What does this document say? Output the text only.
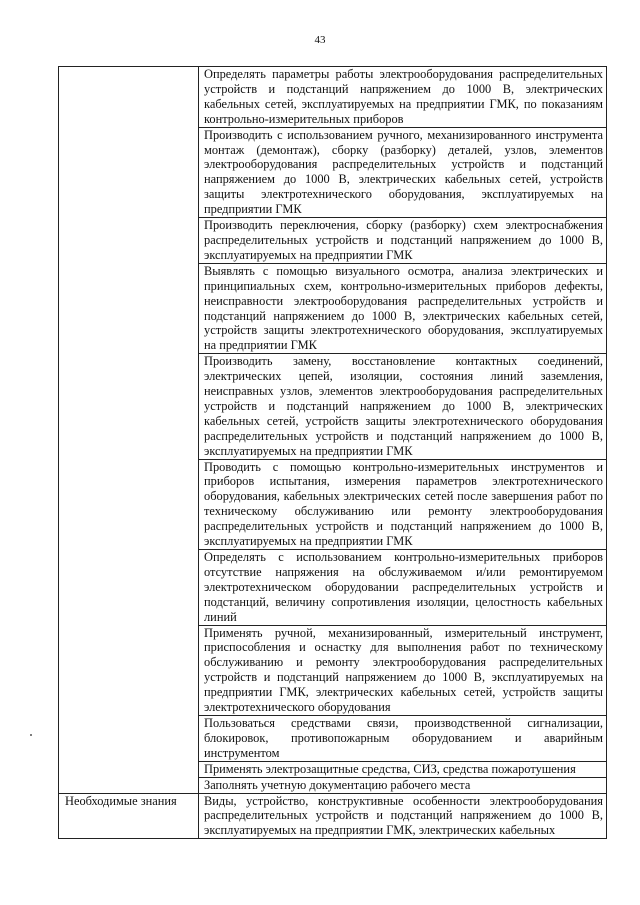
43

	Определять параметры работы электрооборудования распределительных устройств и подстанций напряжением до 1000 В, электрических кабельных сетей, эксплуатируемых на предприятии ГМК, по показаниям контрольно-измерительных приборов

	Производить с использованием ручного, механизированного инструмента монтаж (демонтаж), сборку (разборку) деталей, узлов, элементов электрооборудования распределительных устройств и подстанций напряжением до 1000 В, электрических кабельных сетей, устройств защиты электротехнического оборудования, эксплуатируемых на предприятии ГМК

	Производить переключения, сборку (разборку) схем электроснабжения распределительных устройств и подстанций напряжением до 1000 В, эксплуатируемых на предприятии ГМК

	Выявлять с помощью визуального осмотра, анализа электрических и принципиальных схем, контрольно-измерительных приборов дефекты, неисправности электрооборудования распределительных устройств и подстанций напряжением до 1000 В, электрических кабельных сетей, устройств защиты электротехнического оборудования, эксплуатируемых на предприятии ГМК

	Производить замену, восстановление контактных соединений, электрических цепей, изоляции, состояния линий заземления, неисправных узлов, элементов электрооборудования распределительных устройств и подстанций напряжением до 1000 В, электрических кабельных сетей, устройств защиты электротехнического оборудования распределительных устройств и подстанций напряжением до 1000 В, эксплуатируемых на предприятии ГМК

	Проводить с помощью контрольно-измерительных инструментов и приборов испытания, измерения параметров электротехнического оборудования, кабельных электрических сетей после завершения работ по техническому обслуживанию или ремонту электрооборудования распределительных устройств и подстанций напряжением до 1000 В, эксплуатируемых на предприятии ГМК

	Определять с использованием контрольно-измерительных приборов отсутствие напряжения на обслуживаемом и/или ремонтируемом электротехническом оборудовании распределительных устройств и подстанций, величину сопротивления изоляции, целостность кабельных линий

	Применять ручной, механизированный, измерительный инструмент, приспособления и оснастку для выполнения работ по техническому обслуживанию и ремонту электрооборудования распределительных устройств и подстанций напряжением до 1000 В, эксплуатируемых на предприятии ГМК, электрических кабельных сетей, устройств защиты электротехнического оборудования

	Пользоваться средствами связи, производственной сигнализации, блокировок, противопожарным оборудованием и аварийным инструментом

	Применять электрозащитные средства, СИЗ, средства пожаротушения

	Заполнять учетную документацию рабочего места

Необходимые знания	Виды, устройство, конструктивные особенности электрооборудования распределительных устройств и подстанций напряжением до 1000 В, эксплуатируемых на предприятии ГМК, электрических кабельных
